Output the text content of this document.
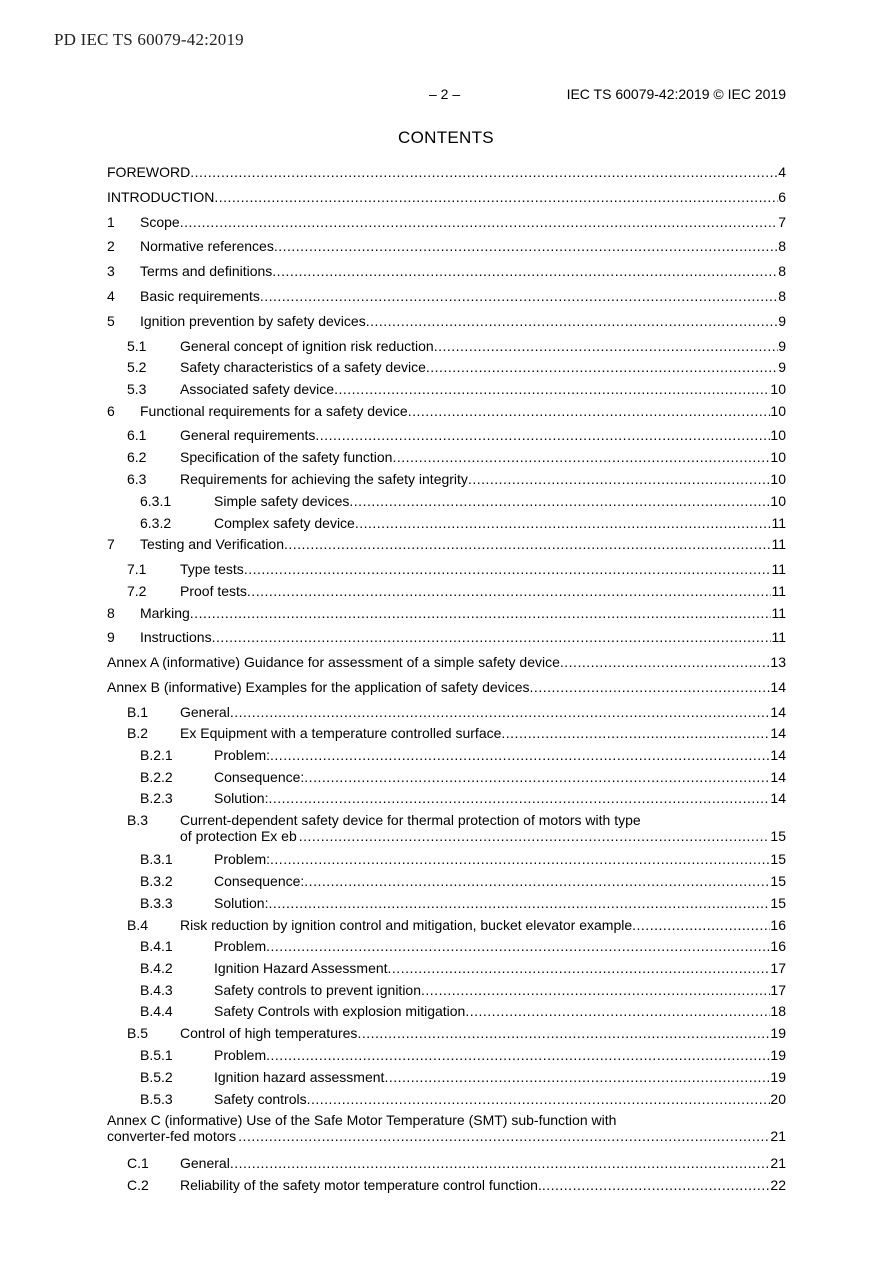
PD IEC TS 60079-42:2019
– 2 –	IEC TS 60079-42:2019 © IEC 2019
CONTENTS
FOREWORD .....	4
INTRODUCTION .....	6
1	Scope .....	7
2	Normative references .....	8
3	Terms and definitions .....	8
4	Basic requirements .....	8
5	Ignition prevention by safety devices .....	9
5.1	General concept of ignition risk reduction .....	9
5.2	Safety characteristics of a safety device .....	9
5.3	Associated safety device .....	10
6	Functional requirements for a safety device .....	10
6.1	General requirements .....	10
6.2	Specification of the safety function .....	10
6.3	Requirements for achieving the safety integrity .....	10
6.3.1	Simple safety devices .....	10
6.3.2	Complex safety device .....	11
7	Testing and Verification .....	11
7.1	Type tests .....	11
7.2	Proof tests .....	11
8	Marking .....	11
9	Instructions .....	11
Annex A (informative) Guidance for assessment of a simple safety device .....	13
Annex B (informative) Examples for the application of safety devices .....	14
B.1	General .....	14
B.2	Ex Equipment with a temperature controlled surface .....	14
B.2.1	Problem: .....	14
B.2.2	Consequence: .....	14
B.2.3	Solution: .....	14
B.3	Current-dependent safety device for thermal protection of motors with type
of protection Ex eb .....	15
B.3.1	Problem: .....	15
B.3.2	Consequence: .....	15
B.3.3	Solution: .....	15
B.4	Risk reduction by ignition control and mitigation, bucket elevator example .....	16
B.4.1	Problem .....	16
B.4.2	Ignition Hazard Assessment .....	17
B.4.3	Safety controls to prevent ignition .....	17
B.4.4	Safety Controls with explosion mitigation .....	18
B.5	Control of high temperatures .....	19
B.5.1	Problem .....	19
B.5.2	Ignition hazard assessment .....	19
B.5.3	Safety controls .....	20
Annex C (informative) Use of the Safe Motor Temperature (SMT) sub-function with
converter-fed motors .....	21
C.1	General .....	21
C.2	Reliability of the safety motor temperature control function. .....	22
